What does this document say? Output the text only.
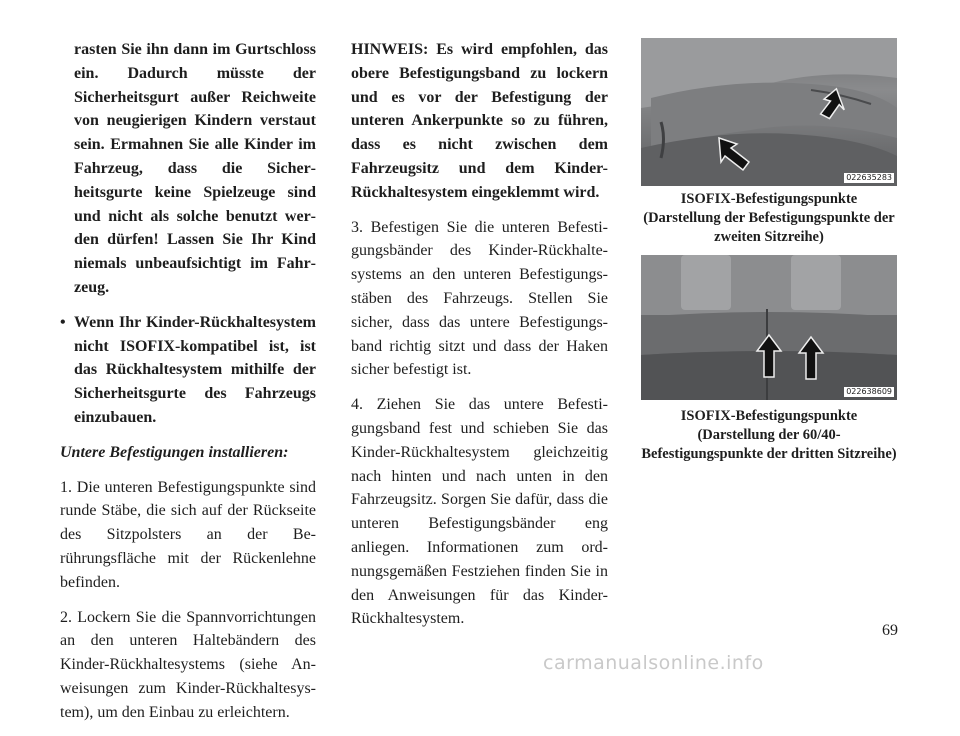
rasten Sie ihn dann im Gurtschloss ein. Dadurch müsste der Sicherheitsgurt außer Reichweite von neugierigen Kindern verstaut sein. Ermahnen Sie alle Kinder im Fahrzeug, dass die Sicherheitsgurte keine Spielzeuge sind und nicht als solche benutzt werden dürfen! Lassen Sie Ihr Kind niemals unbeaufsichtigt im Fahrzeug.

• Wenn Ihr Kinder-Rückhaltesystem nicht ISOFIX-kompatibel ist, ist das Rückhaltesystem mithilfe der Sicherheitsgurte des Fahrzeugs einzubauen.

Untere Befestigungen installieren:

1. Die unteren Befestigungspunkte sind runde Stäbe, die sich auf der Rückseite des Sitzpolsters an der Berührungsfläche mit der Rückenlehne befinden.

2. Lockern Sie die Spannvorrichtungen an den unteren Haltebändern des Kinder-Rückhaltesystems (siehe Anweisungen zum Kinder-Rückhaltesystem), um den Einbau zu erleichtern.

HINWEIS: Es wird empfohlen, das obere Befestigungsband zu lockern und es vor der Befestigung der unteren Ankerpunkte so zu führen, dass es nicht zwischen dem Fahrzeugsitz und dem Kinder-Rückhaltesystem eingeklemmt wird.

3. Befestigen Sie die unteren Befestigungsbänder des Kinder-Rückhaltesystems an den unteren Befestigungsstäben des Fahrzeugs. Stellen Sie sicher, dass das untere Befestigungsband richtig sitzt und dass der Haken sicher befestigt ist.

4. Ziehen Sie das untere Befestigungsband fest und schieben Sie das Kinder-Rückhaltesystem gleichzeitig nach hinten und nach unten in den Fahrzeugsitz. Sorgen Sie dafür, dass die unteren Befestigungsbänder eng anliegen. Informationen zum ordnungsgemäßen Festziehen finden Sie in den Anweisungen für das Kinder-Rückhaltesystem.

022635283
ISOFIX-Befestigungspunkte
(Darstellung der Befestigungspunkte der zweiten Sitzreihe)
022638609
ISOFIX-Befestigungspunkte
(Darstellung der 60/40-Befestigungspunkte der dritten Sitzreihe)
69
carmanualsonline.info
